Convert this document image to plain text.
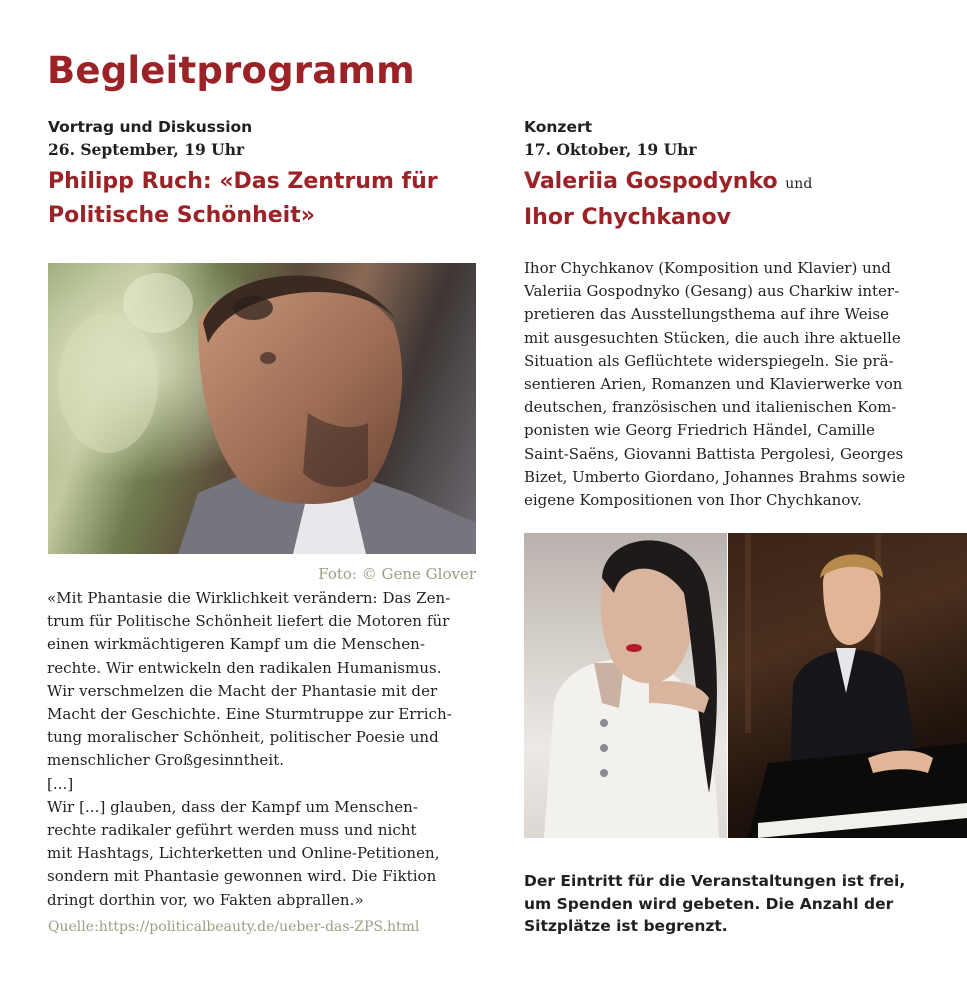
Begleitprogramm
Vortrag und Diskussion
26. September, 19 Uhr
Philipp Ruch: «Das Zentrum für
Politische Schönheit»
Foto: © Gene Glover

«Mit Phantasie die Wirklichkeit verändern: Das Zen-
trum für Politische Schönheit liefert die Motoren für
einen wirkmächtigeren Kampf um die Menschen-
rechte. Wir entwickeln den radikalen Humanismus.
Wir verschmelzen die Macht der Phantasie mit der
Macht der Geschichte. Eine Sturmtruppe zur Errich-
tung moralischer Schönheit, politischer Poesie und
menschlicher Großgesinntheit.
[...]
Wir [...] glauben, dass der Kampf um Menschen-
rechte radikaler geführt werden muss und nicht
mit Hashtags, Lichterketten und Online-Petitionen,
sondern mit Phantasie gewonnen wird. Die Fiktion
dringt dorthin vor, wo Fakten abprallen.»

Quelle:https://politicalbeauty.de/ueber-das-ZPS.html
Konzert
17. Oktober, 19 Uhr
Valeriia Gospodynko und
Ihor Chychkanov

Ihor Chychkanov (Komposition und Klavier) und
Valeriia Gospodnyko (Gesang) aus Charkiw inter-
pretieren das Ausstellungsthema auf ihre Weise
mit ausgesuchten Stücken, die auch ihre aktuelle
Situation als Geflüchtete widerspiegeln. Sie prä-
sentieren Arien, Romanzen und Klavierwerke von
deutschen, französischen und italienischen Kom-
ponisten wie Georg Friedrich Händel, Camille
Saint-Saëns, Giovanni Battista Pergolesi, Georges
Bizet, Umberto Giordano, Johannes Brahms sowie
eigene Kompositionen von Ihor Chychkanov.

Der Eintritt für die Veranstaltungen ist frei,
um Spenden wird gebeten. Die Anzahl der
Sitzplätze ist begrenzt.
